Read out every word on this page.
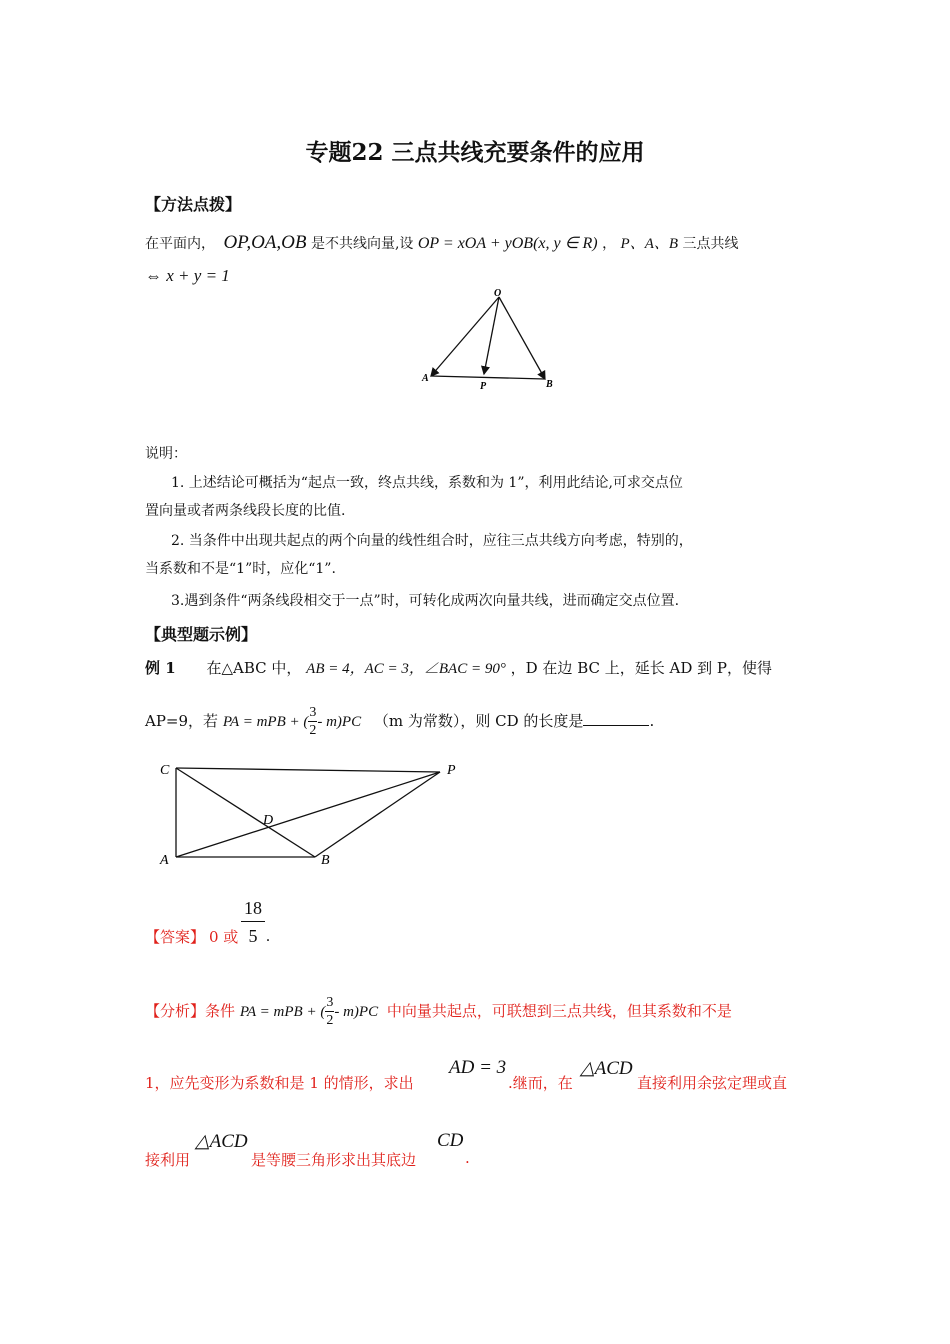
专题22 三点共线充要条件的应用
【方法点拨】
在平面内， OP,OA,OB 是不共线向量,设 OP = xOA + yOB(x, y ∈ R) ， P、A、B 三点共线
⇔ x + y = 1
O
A
P	B
说明：
1. 上述结论可概括为“起点一致，终点共线，系数和为 1”，利用此结论,可求交点位
置向量或者两条线段长度的比值.
2. 当条件中出现共起点的两个向量的线性组合时，应往三点共线方向考虑，特别的，
当系数和不是“1”时，应化“1”.
3.遇到条件“两条线段相交于一点”时，可转化成两次向量共线，进而确定交点位置.
【典型题示例】
例 1 在△ABC 中， AB = 4，AC = 3，∠BAC = 90° ，D 在边 BC 上，延长 AD 到 P，使得
AP=9，若 PA = mPB + ( $\frac{3}{2} - m)PC$ （m 为常数），则 CD 的长度是	.
C	P
D
A	B
【答案】 0 或
18
5 .
【分析】条件 PA = mPB + ( $\frac{3}{2} - m)PC$ 中向量共起点，可联想到三点共线，但其系数和不是
1，应先变形为系数和是 1 的情形，求出
AD = 3
.继而，在
△ACD
直接利用余弦定理或直
接利用
△ACD
是等腰三角形求出其底边
CD
.
